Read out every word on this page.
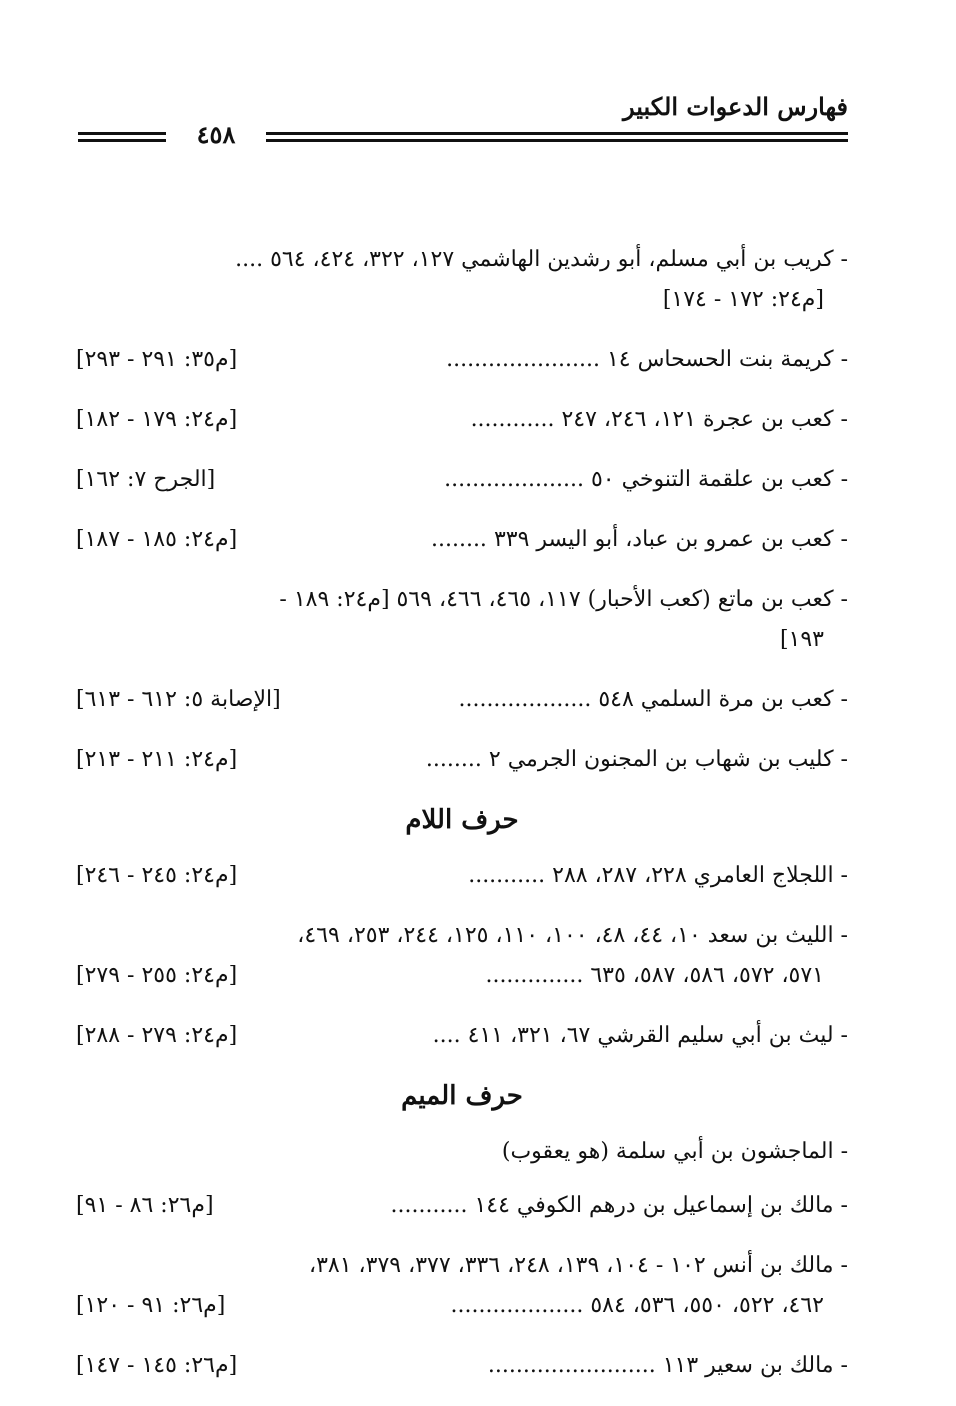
فهارس الدعوات الكبير
٤٥٨
- كريب بن أبي مسلم، أبو رشدين الهاشمي ١٢٧، ٣٢٢، ٤٢٤، ٥٦٤ ....
[م٢٤: ١٧٢ - ١٧٤]
- كريمة بنت الحسحاس ١٤ ......................
[م٣٥: ٢٩١ - ٢٩٣]
- كعب بن عجرة ١٢١، ٢٤٦، ٢٤٧ ............
[م٢٤: ١٧٩ - ١٨٢]
- كعب بن علقمة التنوخي ٥٠ ....................
[الجرح ٧: ١٦٢]
- كعب بن عمرو بن عباد، أبو اليسر ٣٣٩ ........
[م٢٤: ١٨٥ - ١٨٧]
- كعب بن ماتع (كعب الأحبار) ١١٧، ٤٦٥، ٤٦٦، ٥٦٩ [م٢٤: ١٨٩ -
١٩٣]
- كعب بن مرة السلمي ٥٤٨ ...................
[الإصابة ٥: ٦١٢ - ٦١٣]
- كليب بن شهاب بن المجنون الجرمي ٢ ........
[م٢٤: ٢١١ - ٢١٣]
حرف اللام
- اللجلاج العامري ٢٢٨، ٢٨٧، ٢٨٨ ...........
[م٢٤: ٢٤٥ - ٢٤٦]
- الليث بن سعد ١٠، ٤٤، ٤٨، ١٠٠، ١١٠، ١٢٥، ٢٤٤، ٢٥٣، ٤٦٩،
٥٧١، ٥٧٢، ٥٨٦، ٥٨٧، ٦٣٥ ..............
[م٢٤: ٢٥٥ - ٢٧٩]
- ليث بن أبي سليم القرشي ٦٧، ٣٢١، ٤١١ ....
[م٢٤: ٢٧٩ - ٢٨٨]
حرف الميم
- الماجشون بن أبي سلمة (هو يعقوب)
- مالك بن إسماعيل بن درهم الكوفي ١٤٤ ...........
[م٢٦: ٨٦ - ٩١]
- مالك بن أنس ١٠٢ - ١٠٤، ١٣٩، ٢٤٨، ٣٣٦، ٣٧٧، ٣٧٩، ٣٨١،
٤٦٢، ٥٢٢، ٥٥٠، ٥٣٦، ٥٨٤ ...................
[م٢٦: ٩١ - ١٢٠]
- مالك بن سعير ١١٣ ........................
[م٢٦: ١٤٥ - ١٤٧]
